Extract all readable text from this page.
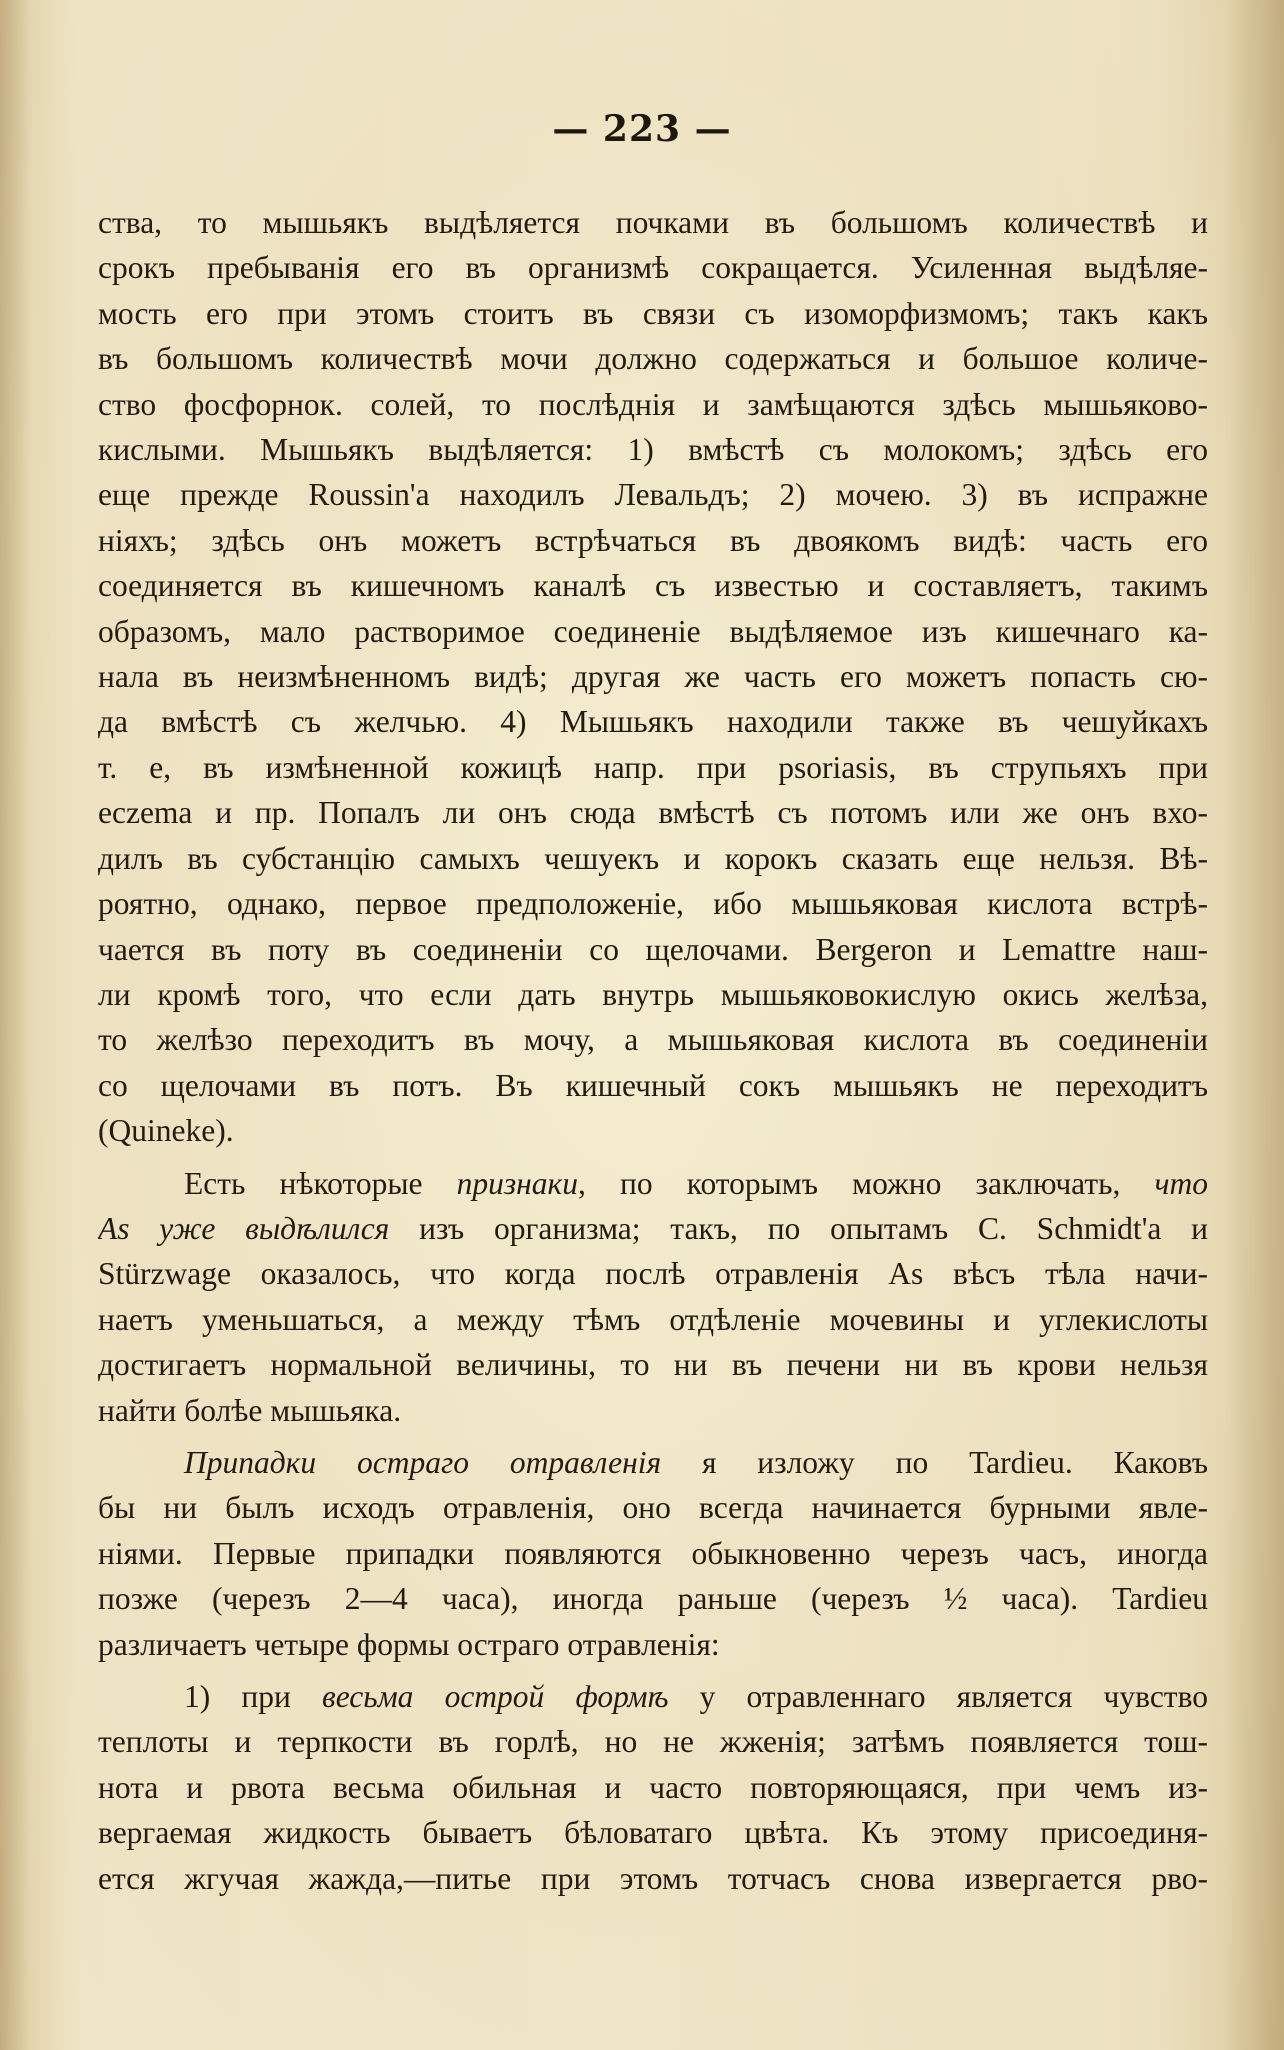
— 223 —
ства, то мышьякъ выдѣляется почками въ большомъ количествѣ и
срокъ пребыванія его въ организмѣ сокращается. Усиленная выдѣляе-
мость его при этомъ стоитъ въ связи съ изоморфизмомъ; такъ какъ
въ большомъ количествѣ мочи должно содержаться и большое количе-
ство фосфорнок. солей, то послѣднія и замѣщаются здѣсь мышьяково-
кислыми. Мышьякъ выдѣляется: 1) вмѣстѣ съ молокомъ; здѣсь его
еще прежде Roussin'a находилъ Левальдъ; 2) мочею. 3) въ испражне
ніяхъ; здѣсь онъ можетъ встрѣчаться въ двоякомъ видѣ: часть его
соединяется въ кишечномъ каналѣ съ известью и составляетъ, такимъ
образомъ, мало растворимое соединеніе выдѣляемое изъ кишечнаго ка-
нала въ неизмѣненномъ видѣ; другая же часть его можетъ попасть сю-
да вмѣстѣ съ желчью. 4) Мышьякъ находили также въ чешуйкахъ
т. е, въ измѣненной кожицѣ напр. при psoriasis, въ струпьяхъ при
eczema и пр. Попалъ ли онъ сюда вмѣстѣ съ потомъ или же онъ вхо-
дилъ въ субстанцію самыхъ чешуекъ и корокъ сказать еще нельзя. Вѣ-
роятно, однако, первое предположеніе, ибо мышьяковая кислота встрѣ-
чается въ поту въ соединеніи со щелочами. Bergeron и Lemattre наш-
ли кромѣ того, что если дать внутрь мышьяковокислую окись желѣза,
то желѣзо переходитъ въ мочу, а мышьяковая кислота въ соединеніи
со щелочами въ потъ. Въ кишечный сокъ мышьякъ не переходитъ
(Quineke).
Есть нѣкоторые признаки, по которымъ можно заключать, что
As уже выдѣлился изъ организма; такъ, по опытамъ C. Schmidt'a и
Stürzwage оказалось, что когда послѣ отравленія As вѣсъ тѣла начи-
наетъ уменьшаться, а между тѣмъ отдѣленіе мочевины и углекислоты
достигаетъ нормальной величины, то ни въ печени ни въ крови нельзя
найти болѣе мышьяка.
Припадки остраго отравленія я изложу по Tardieu. Каковъ
бы ни былъ исходъ отравленія, оно всегда начинается бурными явле-
ніями. Первые припадки появляются обыкновенно черезъ часъ, иногда
позже (черезъ 2—4 часа), иногда раньше (черезъ ½ часа). Tardieu
различаетъ четыре формы остраго отравленія:
1) при весьма острой формѣ у отравленнаго является чувство
теплоты и терпкости въ горлѣ, но не жженія; затѣмъ появляется тош-
нота и рвота весьма обильная и часто повторяющаяся, при чемъ из-
вергаемая жидкость бываетъ бѣловатаго цвѣта. Къ этому присоединя-
ется жгучая жажда,—питье при этомъ тотчасъ снова извергается рво-
